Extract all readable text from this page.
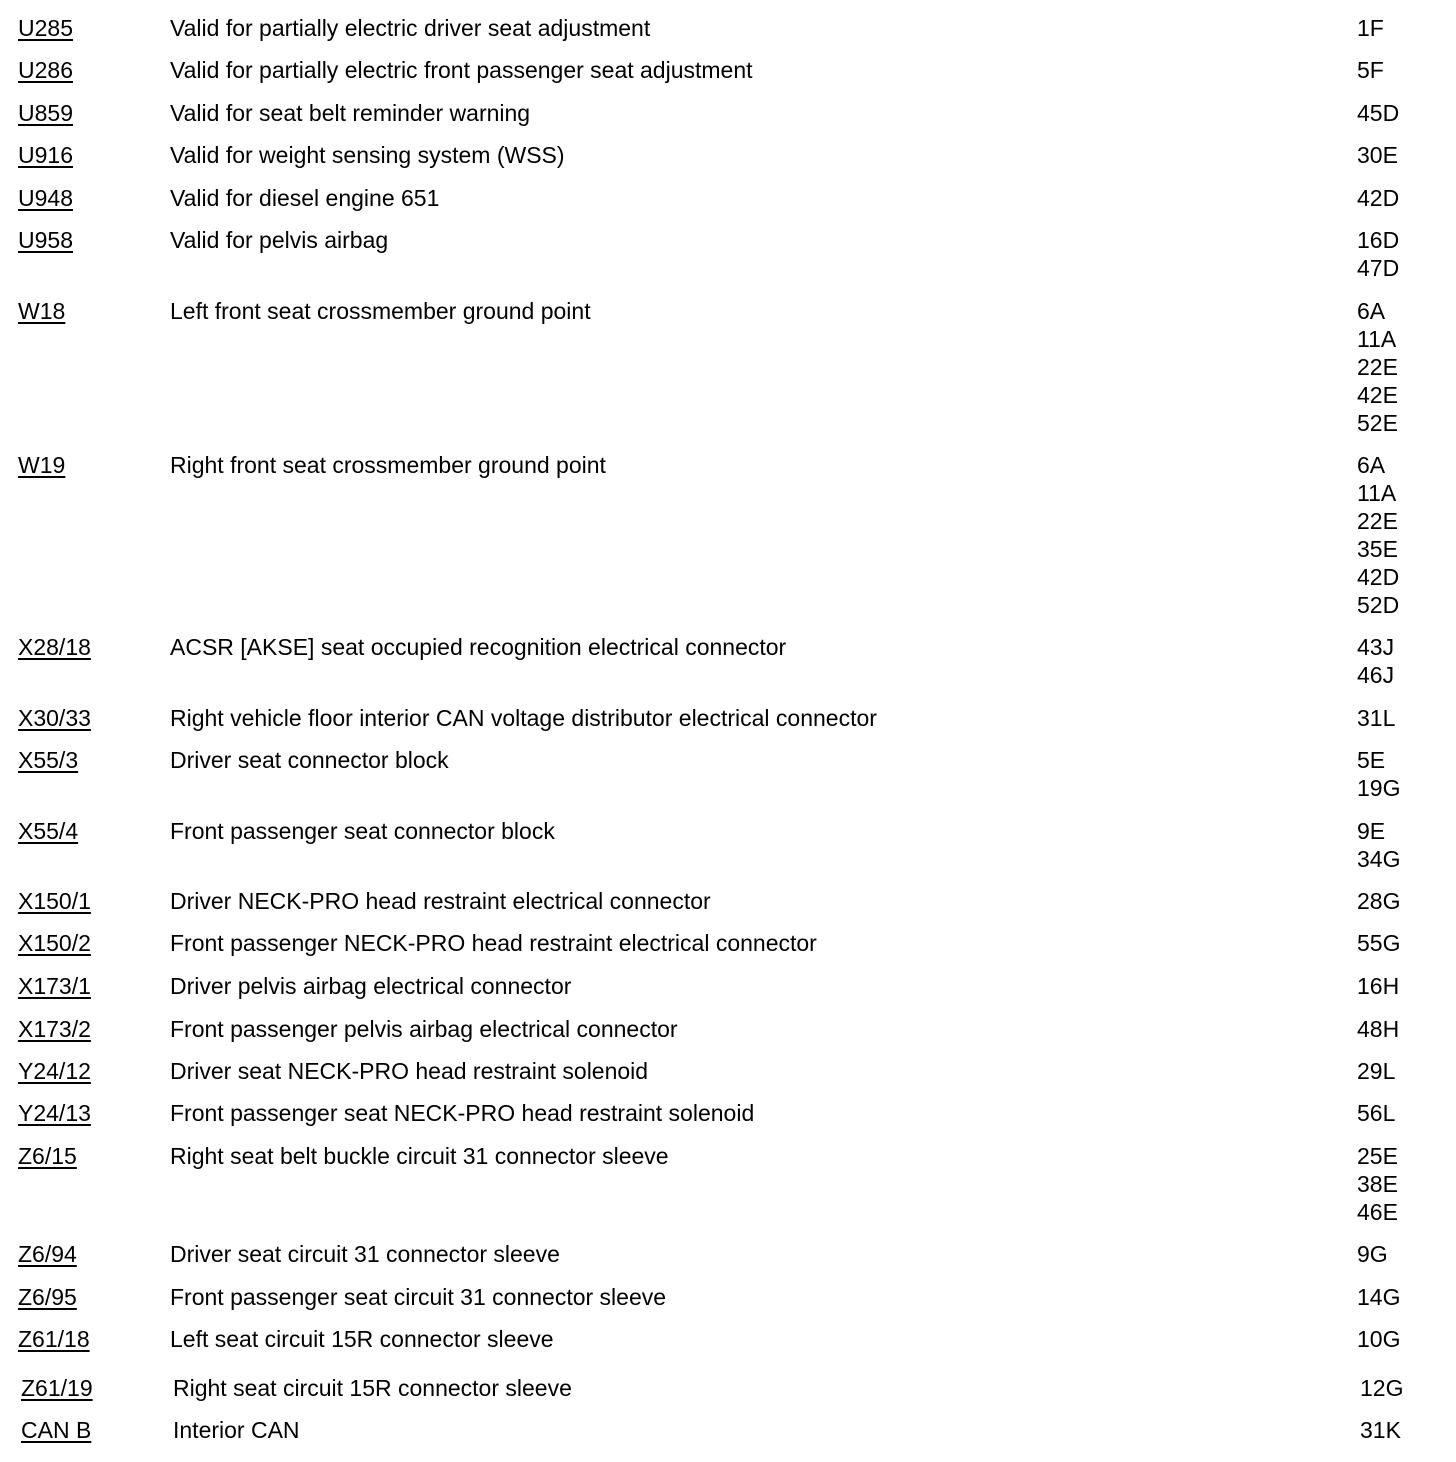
U285	Valid for partially electric driver seat adjustment	1F
U286	Valid for partially electric front passenger seat adjustment	5F
U859	Valid for seat belt reminder warning	45D
U916	Valid for weight sensing system (WSS)	30E
U948	Valid for diesel engine 651	42D
U958	Valid for pelvis airbag	16D
47D
W18	Left front seat crossmember ground point	6A
11A
22E
42E
52E
W19	Right front seat crossmember ground point	6A
11A
22E
35E
42D
52D
X28/18	ACSR [AKSE] seat occupied recognition electrical connector	43J
46J
X30/33	Right vehicle floor interior CAN voltage distributor electrical connector	31L
X55/3	Driver seat connector block	5E
19G
X55/4	Front passenger seat connector block	9E
34G
X150/1	Driver NECK-PRO head restraint electrical connector	28G
X150/2	Front passenger NECK-PRO head restraint electrical connector	55G
X173/1	Driver pelvis airbag electrical connector	16H
X173/2	Front passenger pelvis airbag electrical connector	48H
Y24/12	Driver seat NECK-PRO head restraint solenoid	29L
Y24/13	Front passenger seat NECK-PRO head restraint solenoid	56L
Z6/15	Right seat belt buckle circuit 31 connector sleeve	25E
38E
46E
Z6/94	Driver seat circuit 31 connector sleeve	9G
Z6/95	Front passenger seat circuit 31 connector sleeve	14G
Z61/18	Left seat circuit 15R connector sleeve	10G
Z61/19	Right seat circuit 15R connector sleeve	12G
CAN B	Interior CAN	31K
